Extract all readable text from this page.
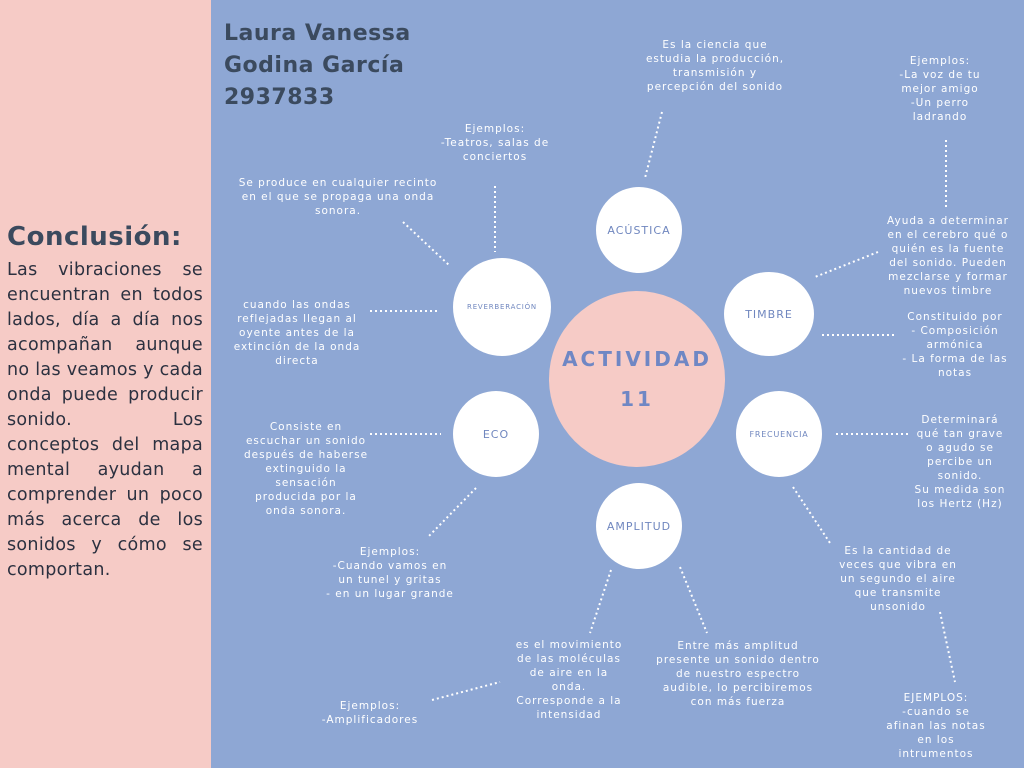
Conclusión:
Las vibraciones se encuentran en todos lados, día a día nos acompañan aunque no las veamos y cada onda puede producir sonido. Los conceptos del mapa mental ayudan a comprender un poco más acerca de los sonidos y cómo se comportan.
Laura Vanessa
Godina García
2937833
ACTIVIDAD
11
ACÚSTICA
REVERBERACIÓN
TIMBRE
ECO	FRECUENCIA
AMPLITUD
Es la ciencia que
estudia la producción,
transmisión y
percepción del sonido
Ejemplos:
-La voz de tu
mejor amigo
-Un perro
ladrando
Ayuda a determinar
en el cerebro qué o
quién es la fuente
del sonido. Pueden
mezclarse y formar
nuevos timbre
Constituido por
- Composición
armónica
- La forma de las
notas
Ejemplos:
-Teatros, salas de
conciertos
Se produce en cualquier recinto
en el que se propaga una onda
sonora.
cuando las ondas
reflejadas llegan al
oyente antes de la
extinción de la onda
directa
Consiste en
escuchar un sonido
después de haberse
extinguido la
sensación
producida por la
onda sonora.
Ejemplos:
-Cuando vamos en
un tunel y gritas
- en un lugar grande
Determinará
qué tan grave
o agudo se
percibe un
sonido.
Su medida son
los Hertz (Hz)
Es la cantidad de
veces que vibra en
un segundo el aire
que transmite
unsonido
EJEMPLOS:
-cuando se
afinan las notas
en los
intrumentos
es el movimiento
de las moléculas
de aire en la
onda.
Corresponde a la
intensidad
Entre más amplitud
presente un sonido dentro
de nuestro espectro
audible, lo percibiremos
con más fuerza
Ejemplos:
-Amplificadores
